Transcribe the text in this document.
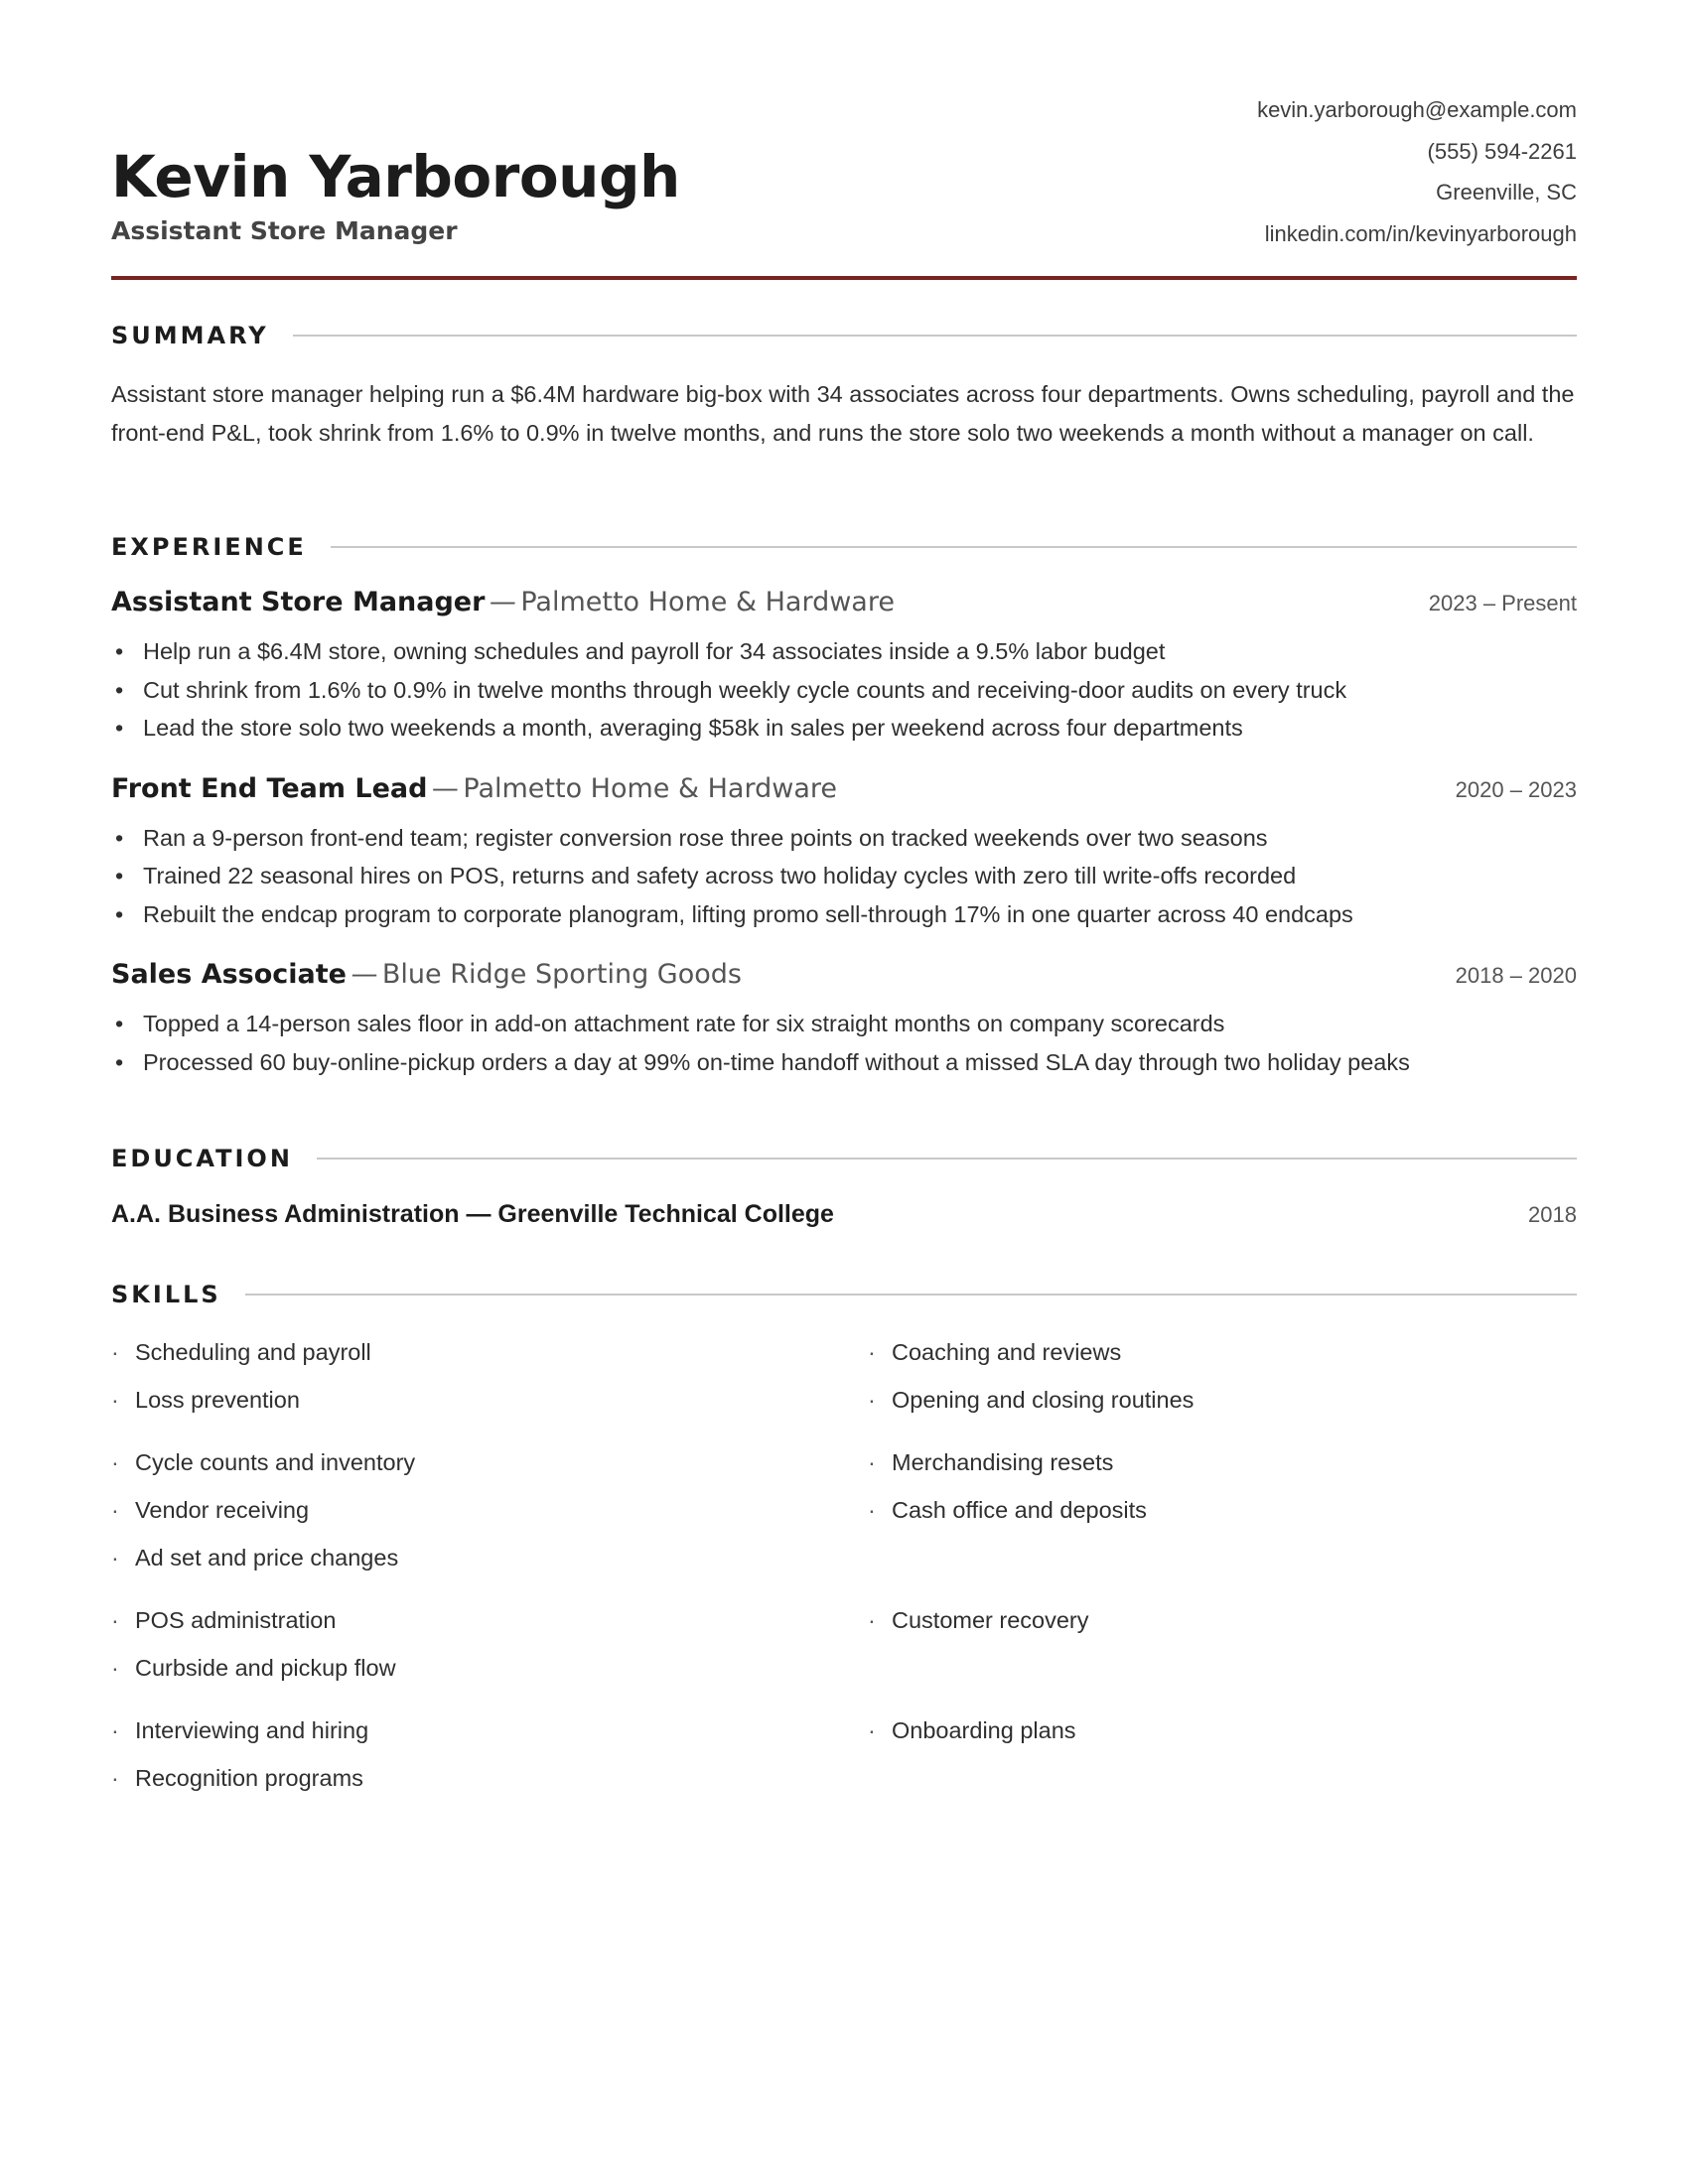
Kevin Yarborough
Assistant Store Manager
kevin.yarborough@example.com
(555) 594-2261
Greenville, SC
linkedin.com/in/kevinyarborough
SUMMARY

Assistant store manager helping run a $6.4M hardware big-box with 34 associates across four departments. Owns scheduling, payroll and the front-end P&L, took shrink from 1.6% to 0.9% in twelve months, and runs the store solo two weekends a month without a manager on call.

EXPERIENCE
Assistant Store Manager — Palmetto Home & Hardware	2023 – Present
• Help run a $6.4M store, owning schedules and payroll for 34 associates inside a 9.5% labor budget
• Cut shrink from 1.6% to 0.9% in twelve months through weekly cycle counts and receiving-door audits on every truck
• Lead the store solo two weekends a month, averaging $58k in sales per weekend across four departments
Front End Team Lead — Palmetto Home & Hardware	2020 – 2023
• Ran a 9-person front-end team; register conversion rose three points on tracked weekends over two seasons
• Trained 22 seasonal hires on POS, returns and safety across two holiday cycles with zero till write-offs recorded
• Rebuilt the endcap program to corporate planogram, lifting promo sell-through 17% in one quarter across 40 endcaps
Sales Associate — Blue Ridge Sporting Goods	2018 – 2020
• Topped a 14-person sales floor in add-on attachment rate for six straight months on company scorecards
• Processed 60 buy-online-pickup orders a day at 99% on-time handoff without a missed SLA day through two holiday peaks
EDUCATION
A.A. Business Administration — Greenville Technical College	2018
SKILLS
· Scheduling and payroll
· Loss prevention
· Coaching and reviews
· Opening and closing routines
· Cycle counts and inventory
· Vendor receiving
· Ad set and price changes
· Merchandising resets
· Cash office and deposits
· POS administration
· Curbside and pickup flow
· Customer recovery
· Interviewing and hiring
· Recognition programs
· Onboarding plans
